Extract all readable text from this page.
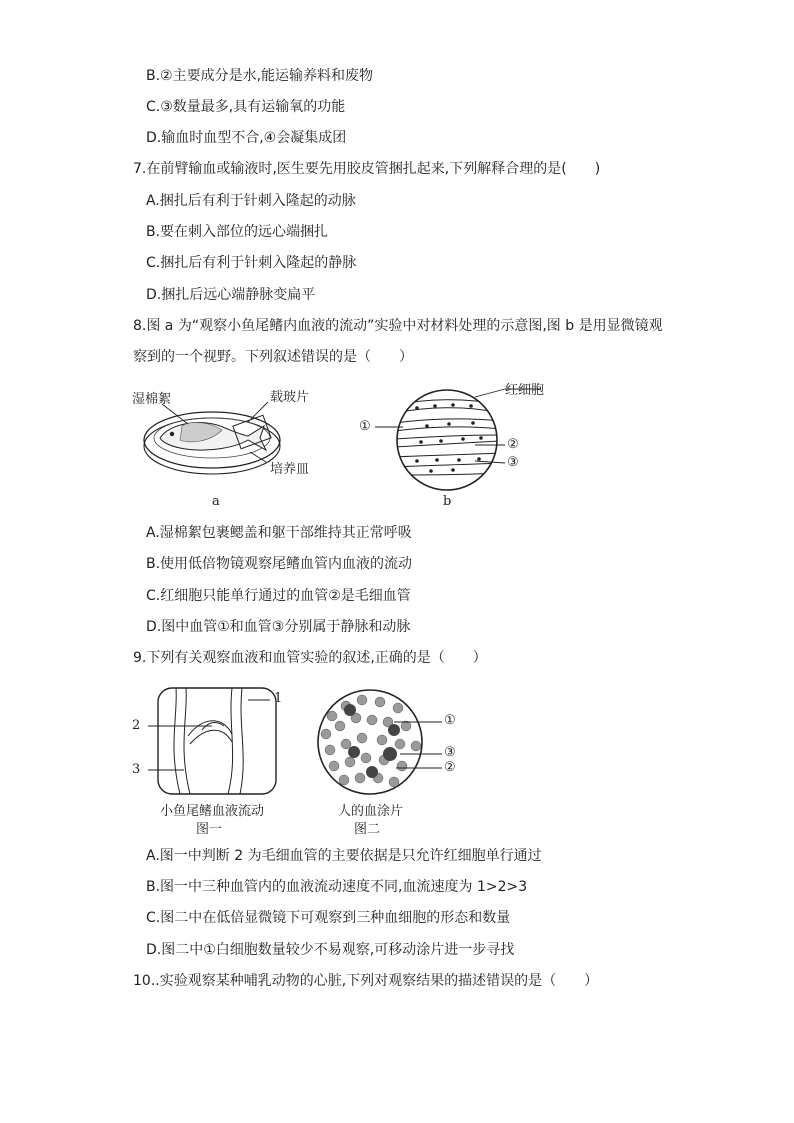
B.②主要成分是水,能运输养料和废物
C.③数量最多,具有运输氧的功能
D.输血时血型不合,④会凝集成团
7.在前臂输血或输液时,医生要先用胶皮管捆扎起来,下列解释合理的是(　　)
A.捆扎后有利于针刺入隆起的动脉
B.要在刺入部位的远心端捆扎
C.捆扎后有利于针刺入隆起的静脉
D.捆扎后远心端静脉变扁平
8.图 a 为“观察小鱼尾鳍内血液的流动”实验中对材料处理的示意图,图 b 是用显微镜观
察到的一个视野。下列叙述错误的是（　　）
湿棉絮	载玻片
培养皿
a
红细胞
①
②
③
b
A.湿棉絮包裹鳃盖和躯干部维持其正常呼吸
B.使用低倍物镜观察尾鳍血管内血液的流动
C.红细胞只能单行通过的血管②是毛细血管
D.图中血管①和血管③分别属于静脉和动脉
9.下列有关观察血液和血管实验的叙述,正确的是（　　）
1
2
3
小鱼尾鳍血液流动
图一
①
③
②
人的血涂片
图二
A.图一中判断 2 为毛细血管的主要依据是只允许红细胞单行通过
B.图一中三种血管内的血液流动速度不同,血流速度为 1>2>3
C.图二中在低倍显微镜下可观察到三种血细胞的形态和数量
D.图二中①白细胞数量较少不易观察,可移动涂片进一步寻找
10..实验观察某种哺乳动物的心脏,下列对观察结果的描述错误的是（　　）
